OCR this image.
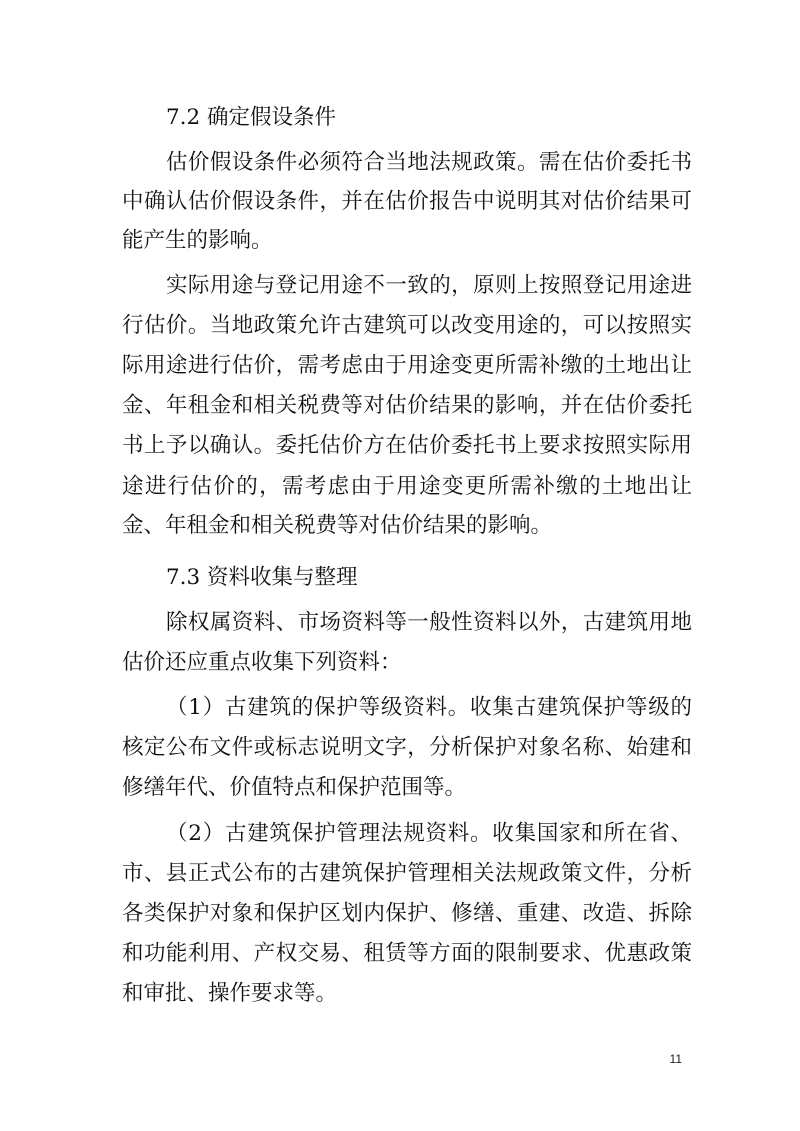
7.2 确定假设条件
估价假设条件必须符合当地法规政策。需在估价委托书
中确认估价假设条件，并在估价报告中说明其对估价结果可
能产生的影响。
实际用途与登记用途不一致的，原则上按照登记用途进
行估价。当地政策允许古建筑可以改变用途的，可以按照实
际用途进行估价，需考虑由于用途变更所需补缴的土地出让
金、年租金和相关税费等对估价结果的影响，并在估价委托
书上予以确认。委托估价方在估价委托书上要求按照实际用
途进行估价的，需考虑由于用途变更所需补缴的土地出让
金、年租金和相关税费等对估价结果的影响。
7.3 资料收集与整理
除权属资料、市场资料等一般性资料以外，古建筑用地
估价还应重点收集下列资料：
（1）古建筑的保护等级资料。收集古建筑保护等级的
核定公布文件或标志说明文字，分析保护对象名称、始建和
修缮年代、价值特点和保护范围等。
（2）古建筑保护管理法规资料。收集国家和所在省、
市、县正式公布的古建筑保护管理相关法规政策文件，分析
各类保护对象和保护区划内保护、修缮、重建、改造、拆除
和功能利用、产权交易、租赁等方面的限制要求、优惠政策
和审批、操作要求等。
11
